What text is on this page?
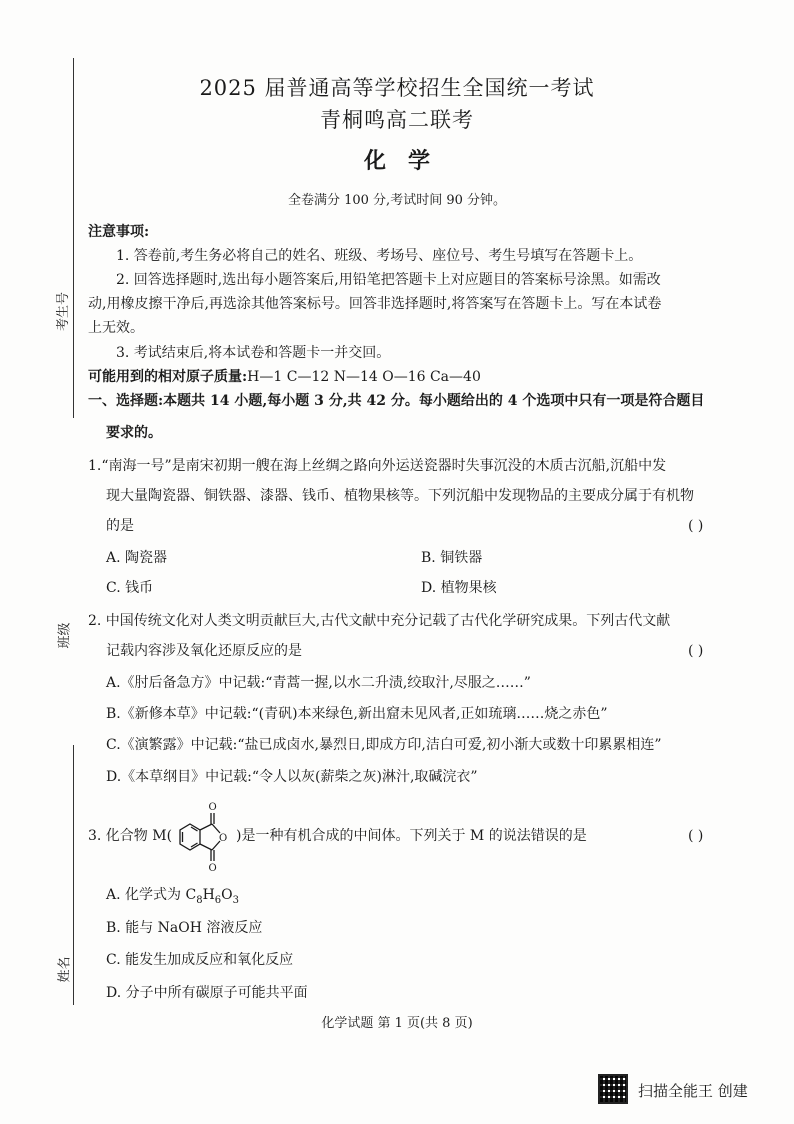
考生号
班级
姓名
2025 届普通高等学校招生全国统一考试
青桐鸣高二联考
化学
全卷满分 100 分,考试时间 90 分钟。
注意事项:
1. 答卷前,考生务必将自己的姓名、班级、考场号、座位号、考生号填写在答题卡上。
2. 回答选择题时,选出每小题答案后,用铅笔把答题卡上对应题目的答案标号涂黑。如需改
动,用橡皮擦干净后,再选涂其他答案标号。回答非选择题时,将答案写在答题卡上。写在本试卷
上无效。
3. 考试结束后,将本试卷和答题卡一并交回。
可能用到的相对原子质量:H—1 C—12 N—14 O—16 Ca—40
一、选择题:本题共 14 小题,每小题 3 分,共 42 分。每小题给出的 4 个选项中只有一项是符合题目
要求的。
1.“南海一号”是南宋初期一艘在海上丝绸之路向外运送瓷器时失事沉没的木质古沉船,沉船中发
现大量陶瓷器、铜铁器、漆器、钱币、植物果核等。下列沉船中发现物品的主要成分属于有机物
的是	( )
A. 陶瓷器	B. 铜铁器
C. 钱币	D. 植物果核
2. 中国传统文化对人类文明贡献巨大,古代文献中充分记载了古代化学研究成果。下列古代文献
记载内容涉及氧化还原反应的是	( )
A.《肘后备急方》中记载:“青蒿一握,以水二升渍,绞取汁,尽服之……”
B.《新修本草》中记载:“(青矾)本来绿色,新出窟未见风者,正如琉璃……烧之赤色”
C.《演繁露》中记载:“盐已成卤水,暴烈日,即成方印,洁白可爱,初小渐大或数十印累累相连”
D.《本草纲目》中记载:“令人以灰(薪柴之灰)淋汁,取碱浣衣”
3. 化合物 M(
O
O
O
)是一种有机合成的中间体。下列关于 M 的说法错误的是	( )
A. 化学式为 $C_8H_6O_3$
B. 能与 NaOH 溶液反应
C. 能发生加成反应和氧化反应
D. 分子中所有碳原子可能共平面
化学试题 第 1 页(共 8 页)
扫描全能王 创建
